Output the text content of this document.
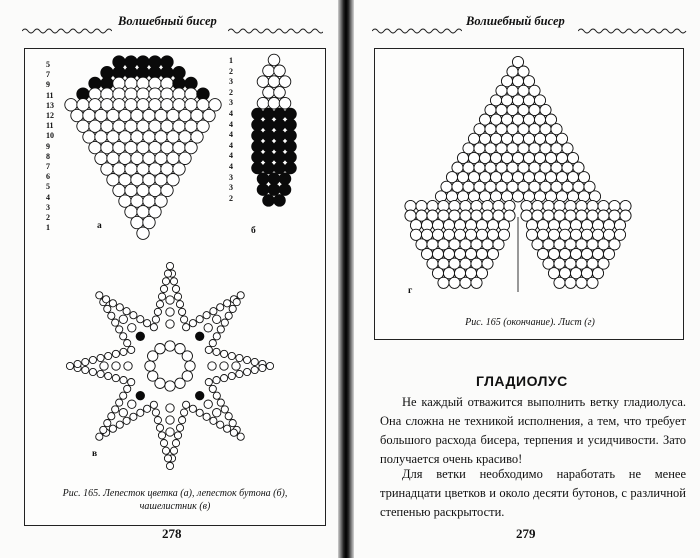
Волшебный бисер
5
7
9
11
13
12
11
10
9
8
7
6
5
4
3
2
1
1
2
3
2
3
4
4
4
4
4
4
3
3
2
а	б
в
Рис. 165. Лепесток цветка (а), лепесток бутона (б), чашелистник (в)
278
Волшебный бисер
г
Рис. 165 (окончание). Лист (г)
ГЛАДИОЛУС

Не каждый отважится выполнить ветку гладиолуса. Она сложна не техникой исполнения, а тем, что требует большого расхода бисера, терпения и усидчивости. Зато получается очень красиво!

Для ветки необходимо наработать не менее тринадцати цветков и около десяти бутонов, с различной степенью раскрытости.

279
